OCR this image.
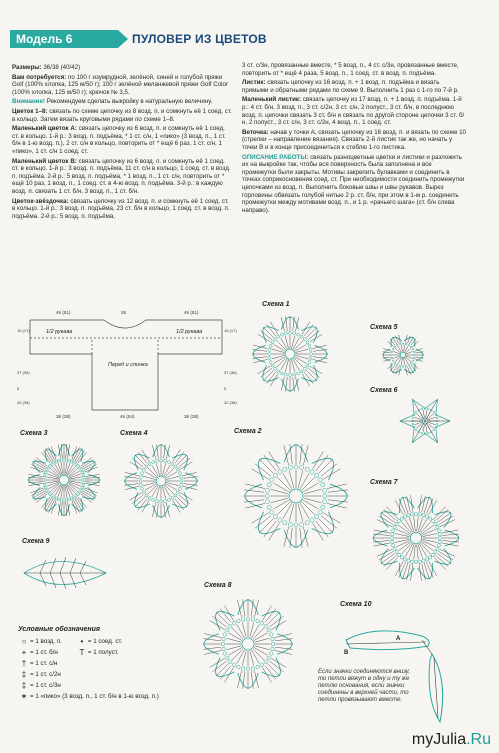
Модель 6	ПУЛОВЕР ИЗ ЦВЕТОВ

Размеры: 36/38 (40/42)

Вам потребуется: по 100 г изумрудной, зелёной, синей и голубой пряжи Golf (100% хлопка, 125 м/50 г); 100 г зелёной меланжевой пряжи Golf Color (100% хлопка, 125 м/50 г); крючок № 3,5.

Внимание! Рекомендуем сделать выкройку в натуральную величину.

Цветок 1–8: связать по схеме цепочку из 8 возд. п. и сомкнуть её 1 соед. ст. в кольцо. Затем вязать круговыми рядами по схеме 1–8.

Маленький цветок А: связать цепочку из 6 возд. п. и сомкнуть её 1 соед. ст. в кольцо. 1-й р.: 3 возд. п. подъёма, * 1 ст. с/н, 1 «пико» (3 возд. п., 1 ст. б/н в 1-ю возд. п.), 2 ст. с/н в кольцо, повторить от * ещё 6 раз, 1 ст. с/н, 1 «пико», 1 ст. с/н 1 соед. ст.

Маленький цветок B: связать цепочку из 6 возд. п. и сомкнуть её 1 соед. ст. в кольцо. 1-й р.: 3 возд. п. подъёма, 11 ст. с/н в кольцо, 1 соед. ст. в возд. п. подъёма. 2-й р.: 5 возд. п. подъёма, * 1 возд. п., 1 ст. с/н, повторить от * ещё 10 раз, 1 возд. п., 1 соед. ст. в 4-ю возд. п. подъёма. 3-й р.: в каждую возд. п. связать 1 ст. б/н, 3 возд. п., 1 ст. б/н.

Цветок-звёздочка: связать цепочку из 12 возд. п. и сомкнуть её 1 соед. ст. в кольцо. 1-й р.: 3 возд. п. подъёма, 23 ст. б/н в кольцо, 1 соед. ст. в возд. п. подъёма. 2-й р.: 5 возд. п. подъёма,

3 ст. с/3н, провязанные вместе, * 5 возд. п., 4 ст. с/3н, провязанные вместе, повторить от * ещё 4 раза, 5 возд. п., 1 соед. ст. в возд. п. подъёма.

Листик: связать цепочку из 16 возд. п. + 1 возд. п. подъёма и вязать прямыми и обратными рядами по схеме 9. Выполнить 1 раз с 1-го по 7-й р.

Маленький листик: связать цепочку из 17 возд. п. + 1 возд. п. подъёма. 1-й р.: 4 ст. б/н, 3 возд. п., 3 ст. с/2н, 3 ст. с/н, 2 полуст., 3 ст. б/н, в последнюю возд. п. цепочки связать 3 ст. б/н и связать по другой стороне цепочки 3 ст. б/н, 2 полуст., 3 ст. с/н, 3 ст. с/2н, 4 возд. п., 1 соед. ст.

Веточка: начав у точки А, связать цепочку из 16 возд. п. и вязать по схеме 10 (стрелки – направление вязания). Связать 2-й листик так же, но начать у точки В и в конце присоединиться к стеблю 1-го листика.

ОПИСАНИЕ РАБОТЫ: связать разноцветные цветки и листики и разложить их на выкройке так, чтобы вся поверхность была заполнена и все промежутки были закрыты. Мотивы закрепить булавками и соединить в точках соприкосновения соед. ст. При необходимости соединить промежутки цепочками из возд. п. Выполнить боковые швы и швы рукавов. Вырез горловины обвязать голубой нитью 2 р. ст. б/н, при этом в 1-м р. соединить промежутки между мотивами возд. п., и 1 р. «рачьего шага» (ст. б/н слева направо).

46 (51)	26	46 (51)
15 (17)
37 (36)
5
32 (38)
15 (17)
37 (36)
5
32 (38)
36 (38)	46 (54)	36 (38)
1/2 рукава	1/2 рукава
Перед и спинка
Схема 1
Схема 5
Схема 6
Схема 3	Схема 4	Схема 2
Схема 7
Схема 9
Схема 8
Схема 10
A
B
Условные обозначения
○ = 1 возд. п.
+ = 1 ст. б/н
† = 1 ст. с/н
‡ = 1 ст. с/2н
‡ = 1 ст. с/3н
• = 1 соед. ст.
Т = 1 полуст.
✶ = 1 «пико» (3 возд. п., 1 ст. б/н в 1-ю возд. п.)
Если значки соединяются внизу, то петли вяжут в одну и ту же петлю основания, если значки соединены в верхней части, то петли провязывают вместе.
myJulia.Ru
